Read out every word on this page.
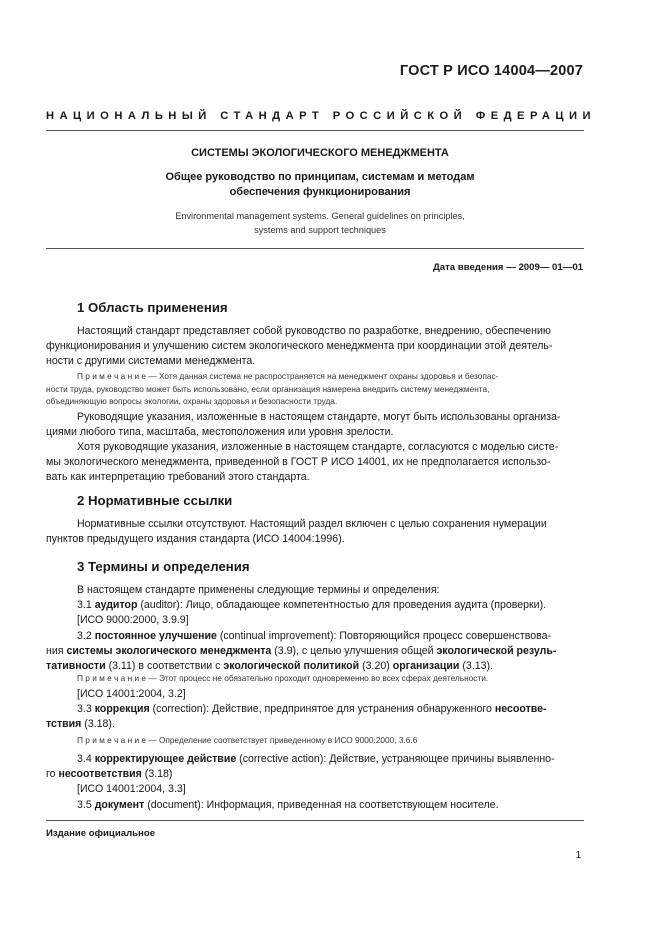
ГОСТ Р ИСО 14004—2007
НАЦИОНАЛЬНЫЙ СТАНДАРТ РОССИЙСКОЙ ФЕДЕРАЦИИ
СИСТЕМЫ ЭКОЛОГИЧЕСКОГО МЕНЕДЖМЕНТА
Общее руководство по принципам, системам и методам
обеспечения функционирования
Environmental management systems. General guidelines on principles,
systems and support techniques
Дата введения — 2009— 01—01
1 Область применения
Настоящий стандарт представляет собой руководство по разработке, внедрению, обеспечению
функционирования и улучшению систем экологического менеджмента при координации этой деятель-
ности с другими системами менеджмента.
П р и м е ч а н и е — Хотя данная система не распространяется на менеджмент охраны здоровья и безопас-
ности труда, руководство может быть использовано, если организация намерена внедрить систему менеджмента,
объединяющую вопросы экологии, охраны здоровья и безопасности труда.
Руководящие указания, изложенные в настоящем стандарте, могут быть использованы организа-
циями любого типа, масштаба, местоположения или уровня зрелости.
Хотя руководящие указания, изложенные в настоящем стандарте, согласуются с моделью систе-
мы экологического менеджмента, приведенной в ГОСТ Р ИСО 14001, их не предполагается использо-
вать как интерпретацию требований этого стандарта.
2 Нормативные ссылки
Нормативные ссылки отсутствуют. Настоящий раздел включен с целью сохранения нумерации
пунктов предыдущего издания стандарта (ИСО 14004:1996).
3 Термины и определения
В настоящем стандарте применены следующие термины и определения:
3.1 аудитор (auditor): Лицо, обладающее компетентностью для проведения аудита (проверки).
[ИСО 9000:2000, 3.9.9]
3.2 постоянное улучшение (continual improvement): Повторяющийся процесс совершенствова-
ния системы экологического менеджмента (3.9), с целью улучшения общей экологической резуль-
тативности (3.11) в соответствии с экологической политикой (3.20) организации (3.13).
П р и м е ч а н и е — Этот процесс не обязательно проходит одновременно во всех сферах деятельности.
[ИСО 14001:2004, 3.2]
3.3 коррекция (correction): Действие, предпринятое для устранения обнаруженного несоотве-
тствия (3.18).
П р и м е ч а н и е — Определение соответствует приведенному в ИСО 9000:2000, 3.6.6
3.4 корректирующее действие (corrective action): Действие, устраняющее причины выявленно-
го несоответствия (3.18)
[ИСО 14001:2004, 3.3]
3.5 документ (document): Информация, приведенная на соответствующем носителе.
Издание официальное
1
